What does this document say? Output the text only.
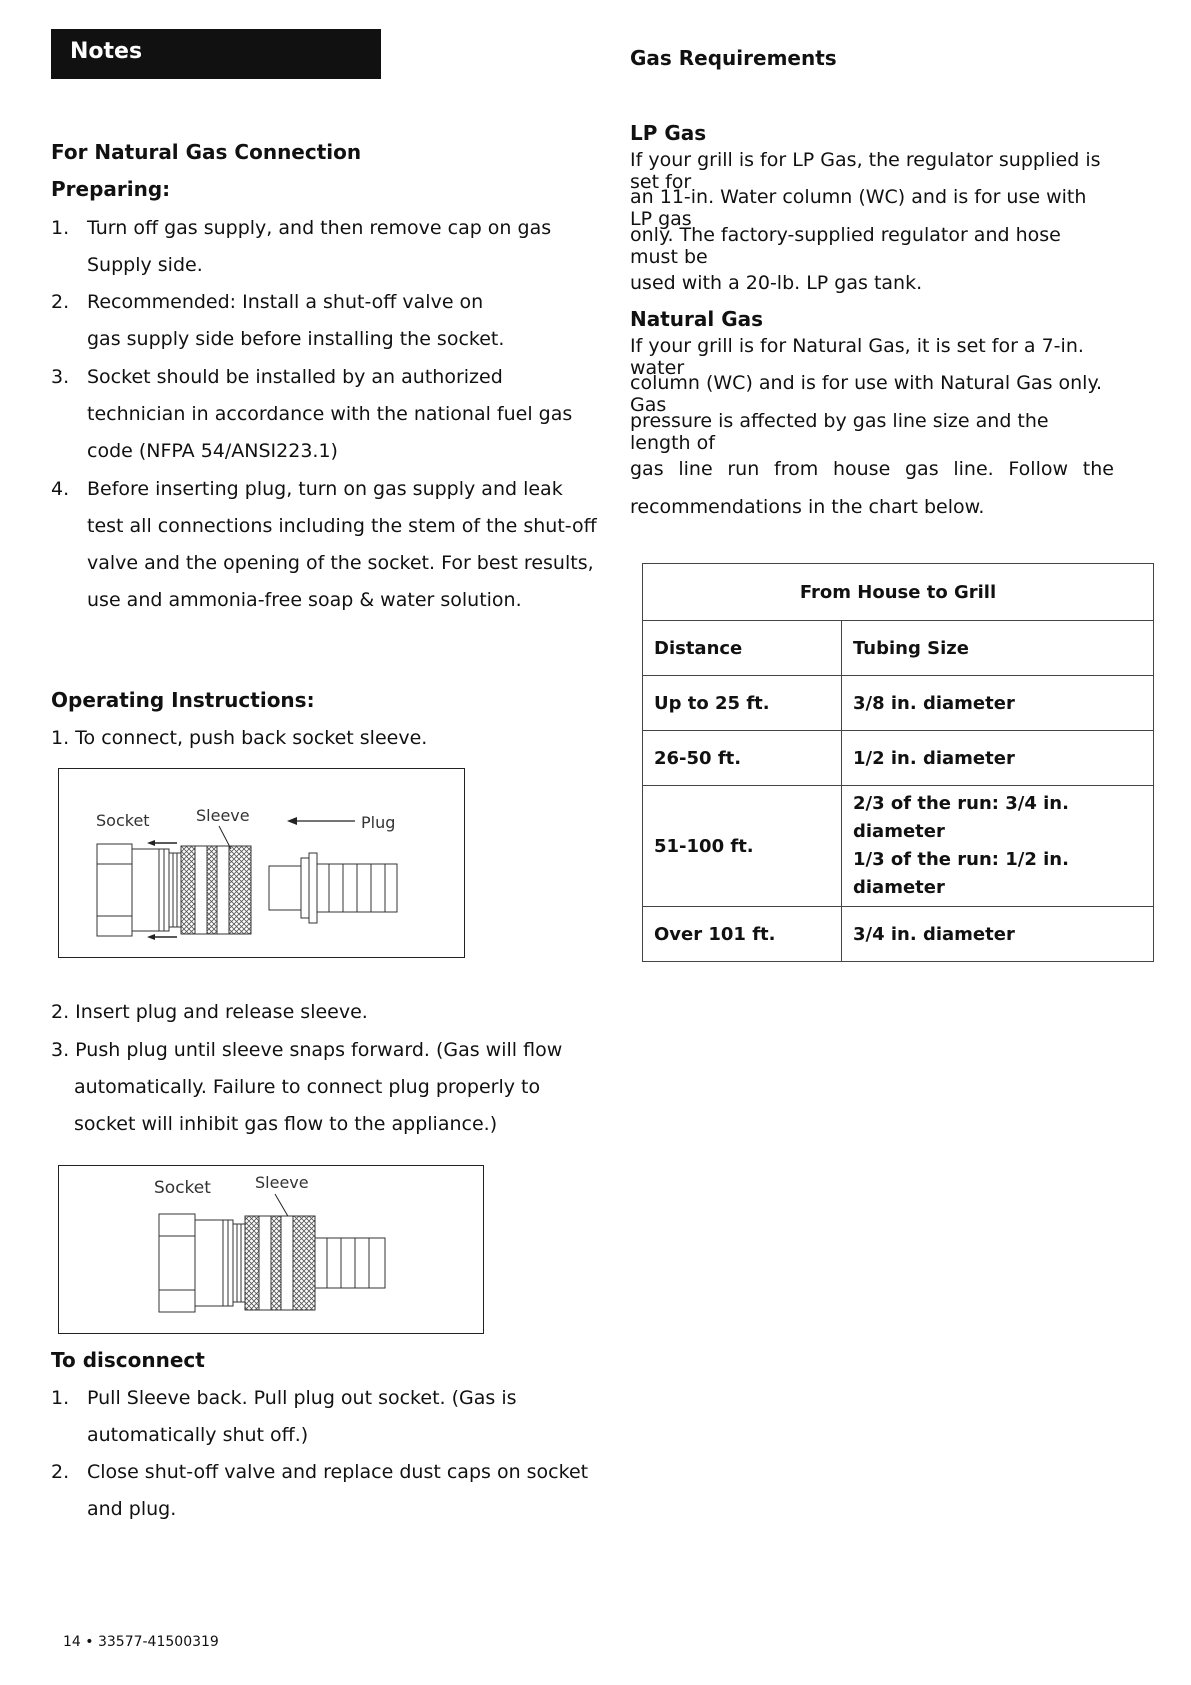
Notes
For Natural Gas Connection
Preparing:
1. Turn off gas supply, and then remove cap on gas
Supply side.
2. Recommended: Install a shut-off valve on
gas supply side before installing the socket.
3. Socket should be installed by an authorized
technician in accordance with the national fuel gas
code (NFPA 54/ANSI223.1)
4. Before inserting plug, turn on gas supply and leak
test all connections including the stem of the shut-off
valve and the opening of the socket. For best results,
use and ammonia-free soap & water solution.
Operating Instructions:
1. To connect, push back socket sleeve.
Socket	Sleeve	Plug
2. Insert plug and release sleeve.
3. Push plug until sleeve snaps forward. (Gas will flow
automatically. Failure to connect plug properly to
socket will inhibit gas flow to the appliance.)
Socket	Sleeve
To disconnect
1. Pull Sleeve back. Pull plug out socket. (Gas is
automatically shut off.)
2. Close shut-off valve and replace dust caps on socket
and plug.
Gas Requirements
LP Gas
If your grill is for LP Gas, the regulator supplied is set for
an 11-in. Water column (WC) and is for use with LP gas
only. The factory-supplied regulator and hose must be
used with a 20-lb. LP gas tank.
Natural Gas
If your grill is for Natural Gas, it is set for a 7-in. water
column (WC) and is for use with Natural Gas only. Gas
pressure is affected by gas line size and the length of
gas line run from house gas line. Follow the
recommendations in the chart below.
From House to Grill	
Distance	Tubing Size
Up to 25 ft.	3/8 in. diameter
26-50 ft.	1/2 in. diameter
51-100 ft.	2/3 of the run: 3/4 in. diameter
1/3 of the run: 1/2 in. diameter

Over 101 ft.	3/4 in. diameter
14 • 33577-41500319
